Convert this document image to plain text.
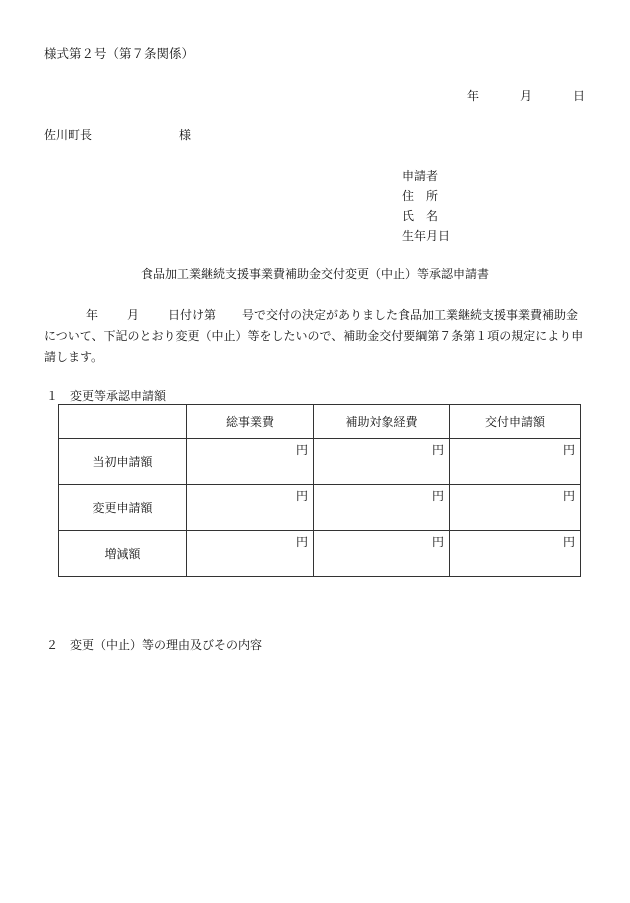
様式第２号（第７条関係）
年	月	日
佐川町長	様
申請者
住　所
氏　名
生年月日
食品加工業継続支援事業費補助金交付変更（中止）等承認申請書
年 月 日付け第 号で交付の決定がありました食品加工業継続支援事業費補助金について、下記のとおり変更（中止）等をしたいので、補助金交付要綱第７条第１項の規定により申請します。
１　変更等承認申請額
	総事業費	補助対象経費	交付申請額
当初申請額	円	円	円
変更申請額	円	円	円
増減額	円	円	円
２　変更（中止）等の理由及びその内容
